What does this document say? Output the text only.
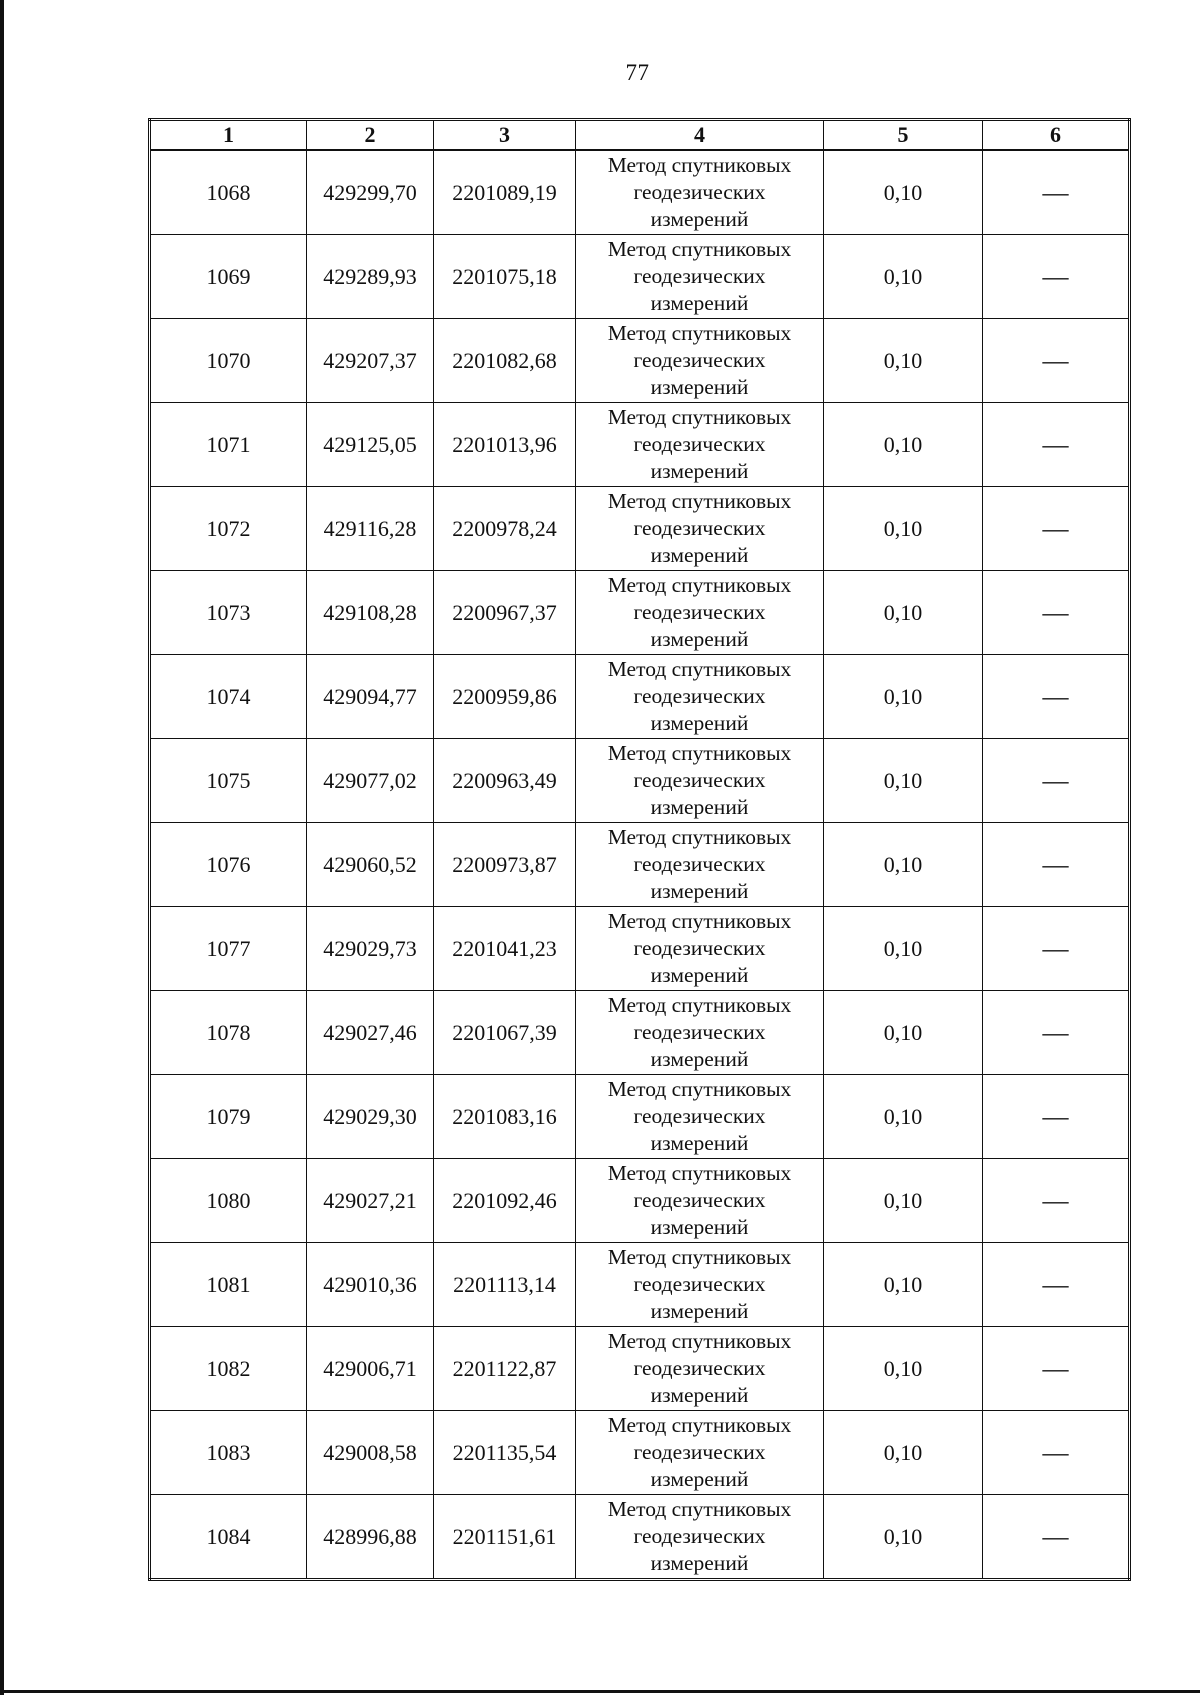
77
1	2	3	4	5	6
1068	429299,70	2201089,19	Метод спутниковых
геодезических
измерений	0,10	—
1069	429289,93	2201075,18	Метод спутниковых
геодезических
измерений	0,10	—
1070	429207,37	2201082,68	Метод спутниковых
геодезических
измерений	0,10	—
1071	429125,05	2201013,96	Метод спутниковых
геодезических
измерений	0,10	—
1072	429116,28	2200978,24	Метод спутниковых
геодезических
измерений	0,10	—
1073	429108,28	2200967,37	Метод спутниковых
геодезических
измерений	0,10	—
1074	429094,77	2200959,86	Метод спутниковых
геодезических
измерений	0,10	—
1075	429077,02	2200963,49	Метод спутниковых
геодезических
измерений	0,10	—
1076	429060,52	2200973,87	Метод спутниковых
геодезических
измерений	0,10	—
1077	429029,73	2201041,23	Метод спутниковых
геодезических
измерений	0,10	—
1078	429027,46	2201067,39	Метод спутниковых
геодезических
измерений	0,10	—
1079	429029,30	2201083,16	Метод спутниковых
геодезических
измерений	0,10	—
1080	429027,21	2201092,46	Метод спутниковых
геодезических
измерений	0,10	—
1081	429010,36	2201113,14	Метод спутниковых
геодезических
измерений	0,10	—
1082	429006,71	2201122,87	Метод спутниковых
геодезических
измерений	0,10	—
1083	429008,58	2201135,54	Метод спутниковых
геодезических
измерений	0,10	—
1084	428996,88	2201151,61	Метод спутниковых
геодезических
измерений	0,10	—
